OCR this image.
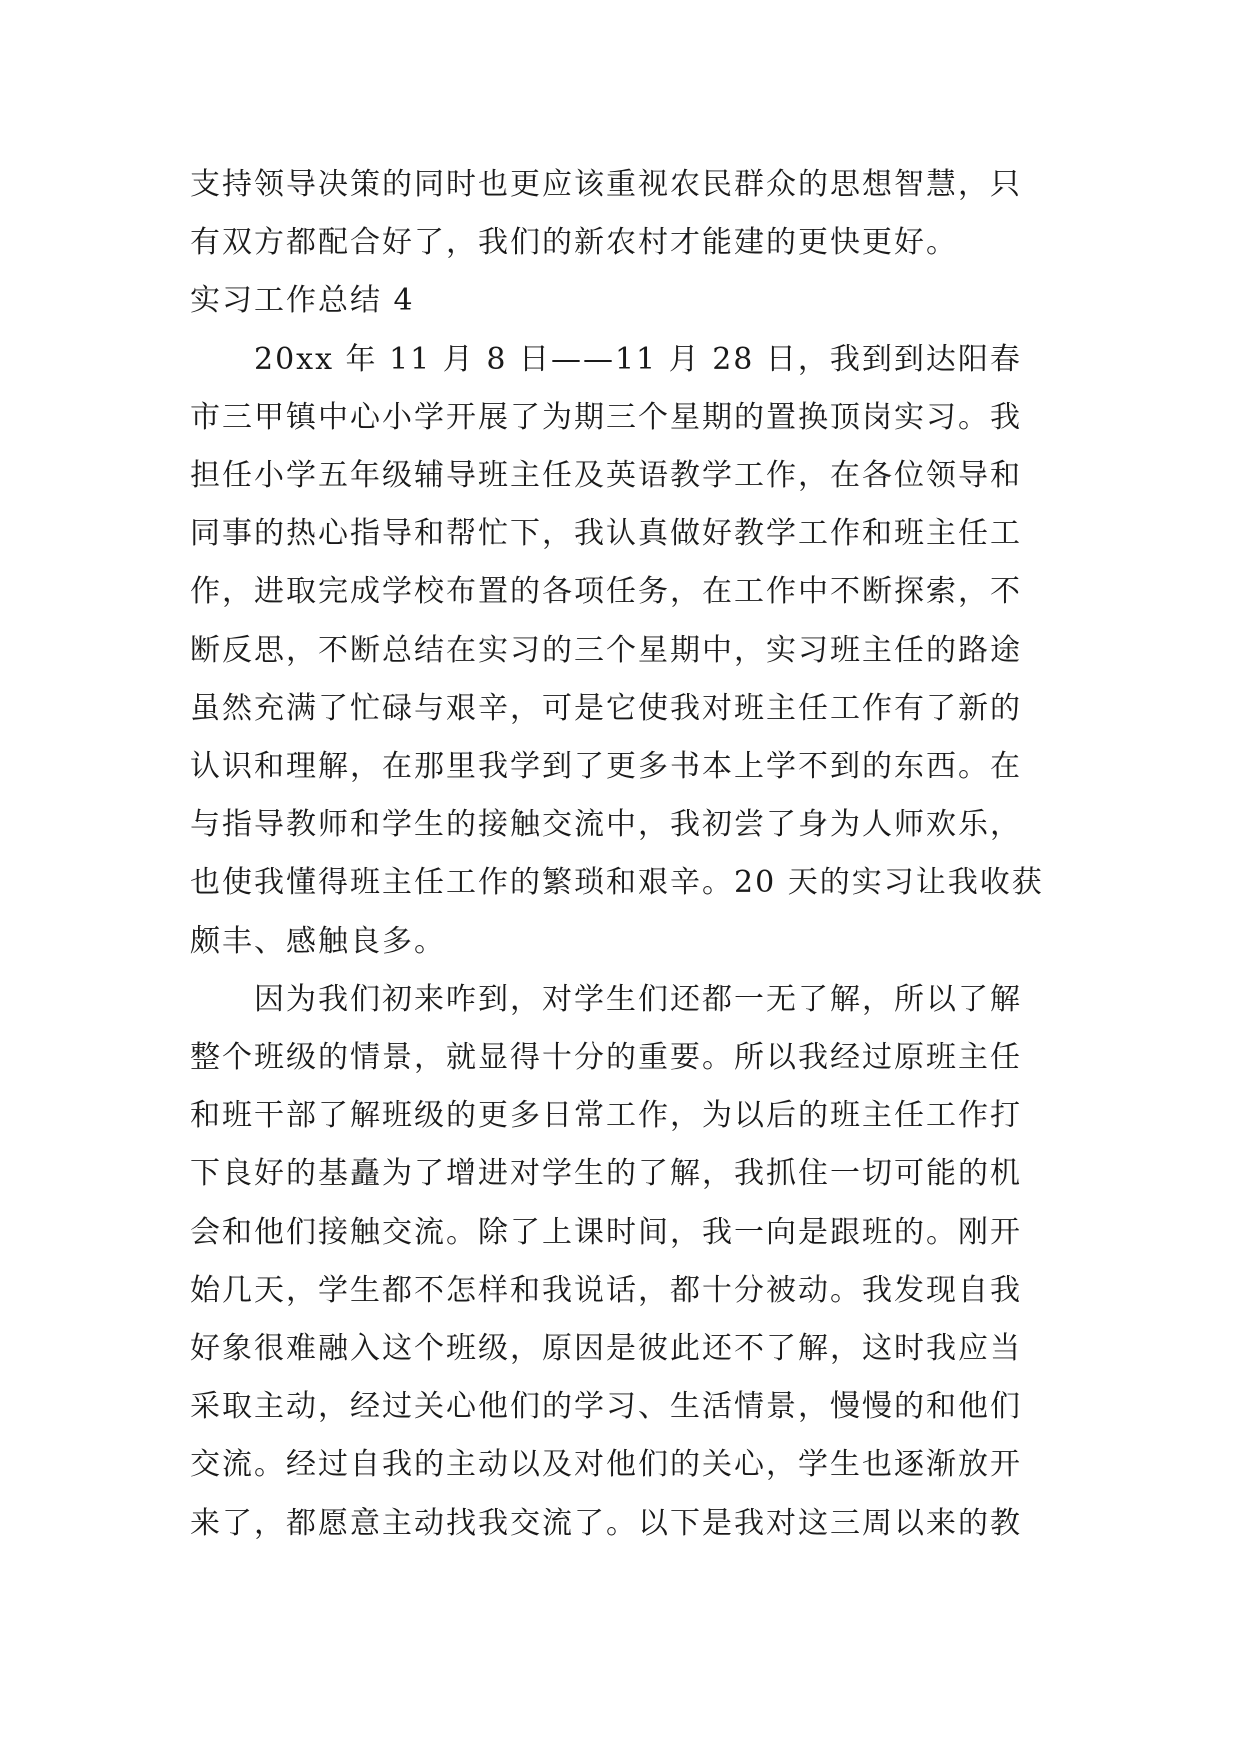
支持领导决策的同时也更应该重视农民群众的思想智慧，只有双方都配合好了，我们的新农村才能建的更快更好。

实习工作总结 4

20xx 年 11 月 8 日——11 月 28 日，我到到达阳春市三甲镇中心小学开展了为期三个星期的置换顶岗实习。我担任小学五年级辅导班主任及英语教学工作，在各位领导和同事的热心指导和帮忙下，我认真做好教学工作和班主任工作，进取完成学校布置的各项任务，在工作中不断探索，不断反思，不断总结在实习的三个星期中，实习班主任的路途虽然充满了忙碌与艰辛，可是它使我对班主任工作有了新的认识和理解，在那里我学到了更多书本上学不到的东西。在与指导教师和学生的接触交流中，我初尝了身为人师欢乐，也使我懂得班主任工作的繁琐和艰辛。20 天的实习让我收获颇丰、感触良多。

因为我们初来咋到，对学生们还都一无了解，所以了解整个班级的情景，就显得十分的重要。所以我经过原班主任和班干部了解班级的更多日常工作，为以后的班主任工作打下良好的基矗为了增进对学生的了解，我抓住一切可能的机会和他们接触交流。除了上课时间，我一向是跟班的。刚开始几天，学生都不怎样和我说话，都十分被动。我发现自我好象很难融入这个班级，原因是彼此还不了解，这时我应当采取主动，经过关心他们的学习、生活情景，慢慢的和他们交流。经过自我的主动以及对他们的关心，学生也逐渐放开来了，都愿意主动找我交流了。以下是我对这三周以来的教
